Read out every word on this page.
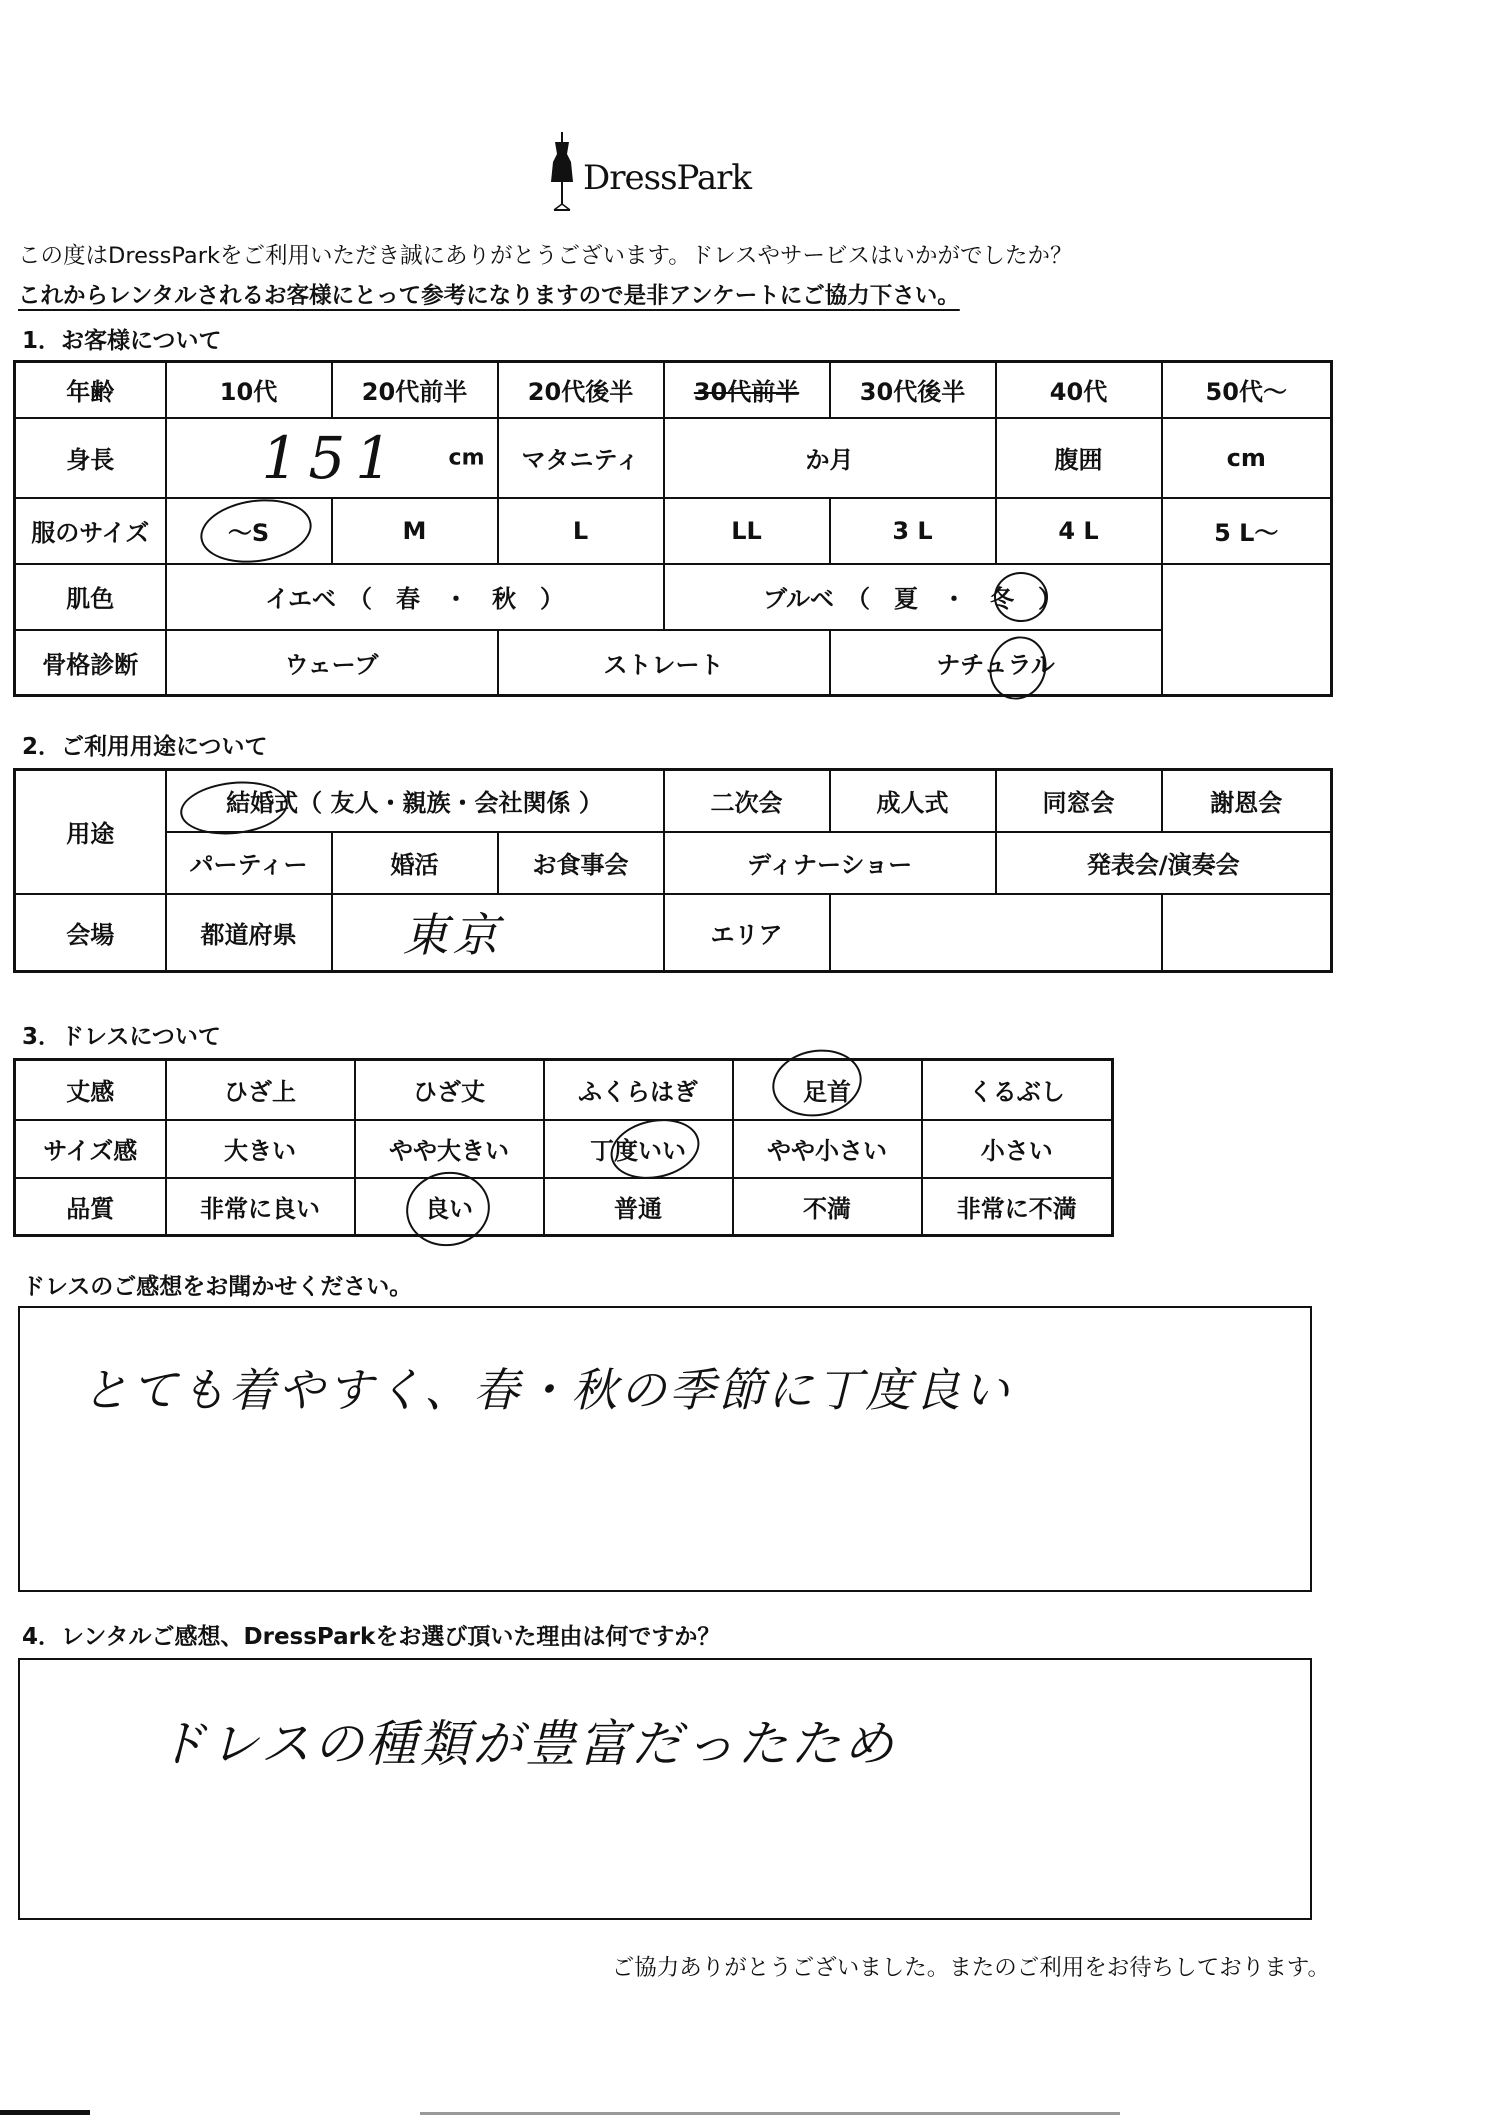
DressPark
この度はDressParkをご利用いただき誠にありがとうございます。ドレスやサービスはいかがでしたか？
これからレンタルされるお客様にとって参考になりますので是非アンケートにご協力下さい。
1．お客様について
年齢	10代	20代前半	20代後半	30代前半	30代後半	40代	50代〜
身長	151 cm		マタニティ	か月		腹囲	cm
服のサイズ	〜S	M	L	LL	3 L	4 L	5 L〜
肌色	イエベ　（　春　・　秋　）			ブルベ　（　夏　・　 冬　 ）			
骨格診断	ウェーブ		ストレート		ナチュラル		
2．ご利用用途について
用途	結婚式（ 友人・親族・会社関係 ）			二次会	成人式	同窓会	謝恩会
	パーティー	婚活	お食事会	ディナーショー		発表会/演奏会	
会場	都道府県	東京		エリア			
3．ドレスについて
丈感	ひざ上	ひざ丈	ふくらはぎ	足首	くるぶし
サイズ感	大きい	やや大きい	丁度いい	やや小さい	小さい
品質	非常に良い	良い	普通	不満	非常に不満
ドレスのご感想をお聞かせください。
とても着やすく、春・秋の季節に丁度良い
4．レンタルご感想、DressParkをお選び頂いた理由は何ですか？
ドレスの種類が豊富だったため
ご協力ありがとうございました。またのご利用をお待ちしております。
